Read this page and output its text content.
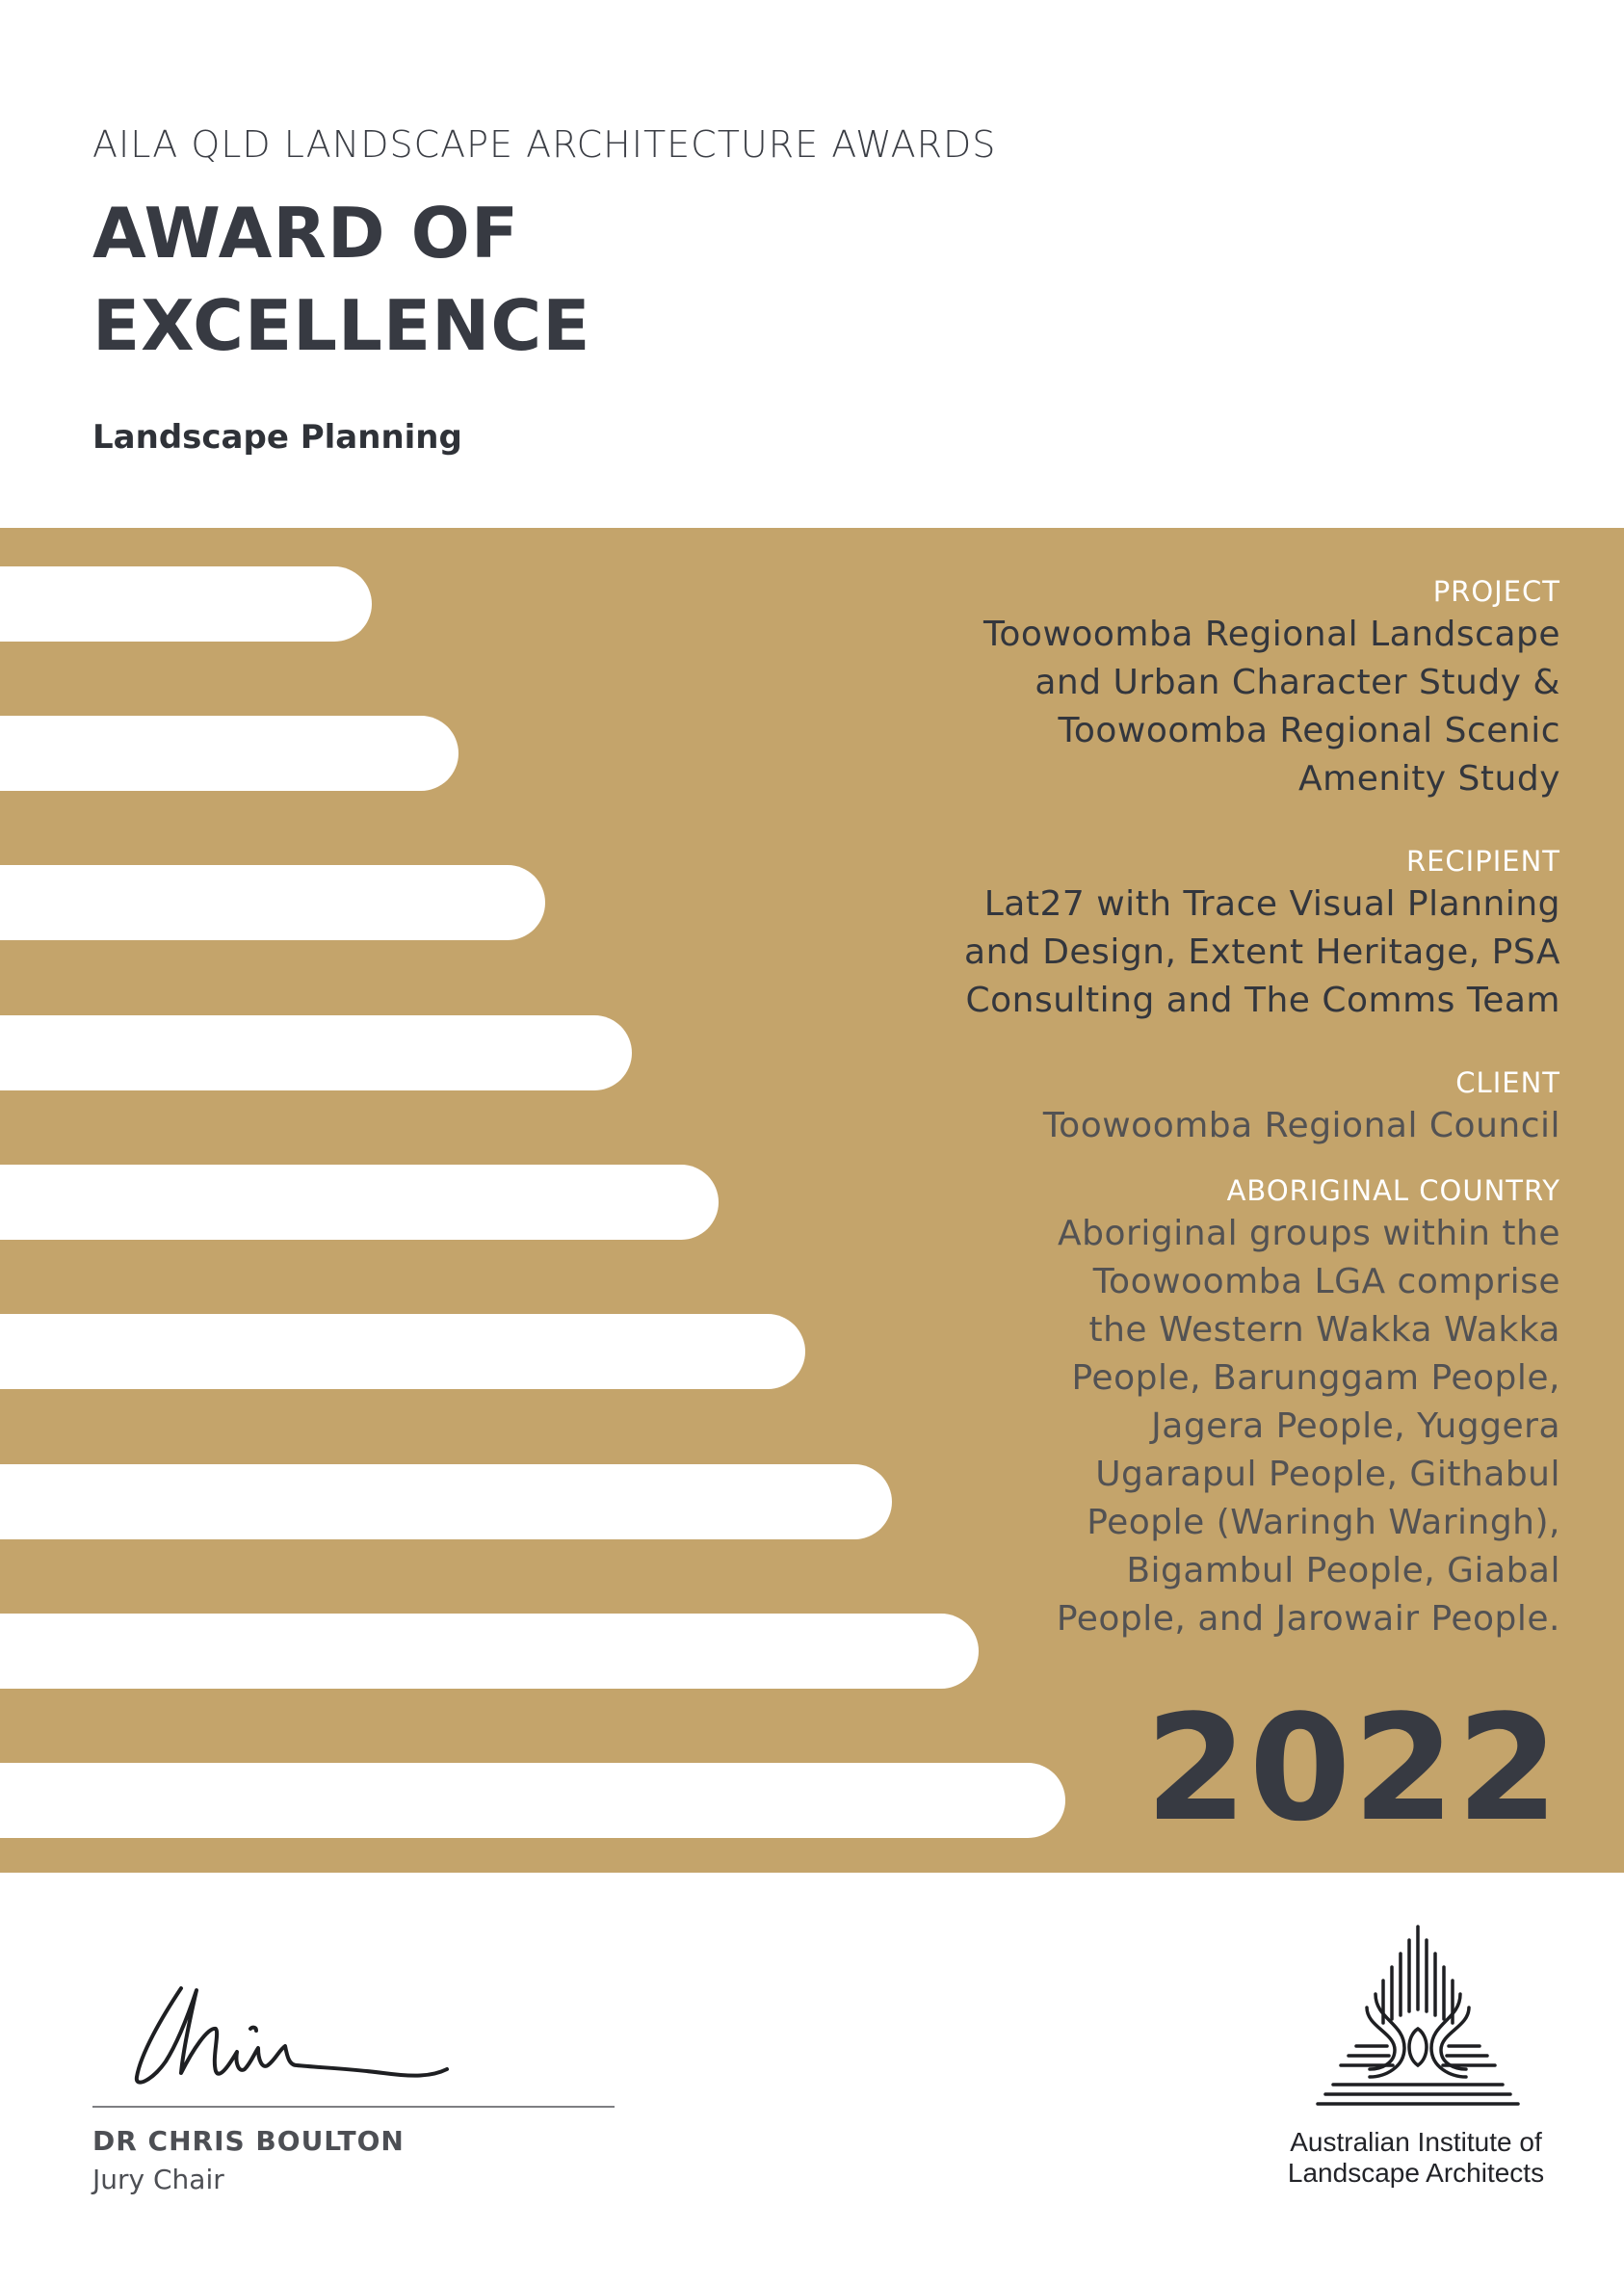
AILA QLD LANDSCAPE ARCHITECTURE AWARDS
AWARD OF
EXCELLENCE
Landscape Planning
PROJECT
Toowoomba Regional Landscape
and Urban Character Study &
Toowoomba Regional Scenic
Amenity Study
RECIPIENT
Lat27 with Trace Visual Planning
and Design, Extent Heritage, PSA
Consulting and The Comms Team
CLIENT
Toowoomba Regional Council
ABORIGINAL COUNTRY
Aboriginal groups within the
Toowoomba LGA comprise
the Western Wakka Wakka
People, Barunggam People,
Jagera People, Yuggera
Ugarapul People, Githabul
People (Waringh Waringh),
Bigambul People, Giabal
People, and Jarowair People.
2022
DR CHRIS BOULTON
Jury Chair
Australian Institute of
Landscape Architects
